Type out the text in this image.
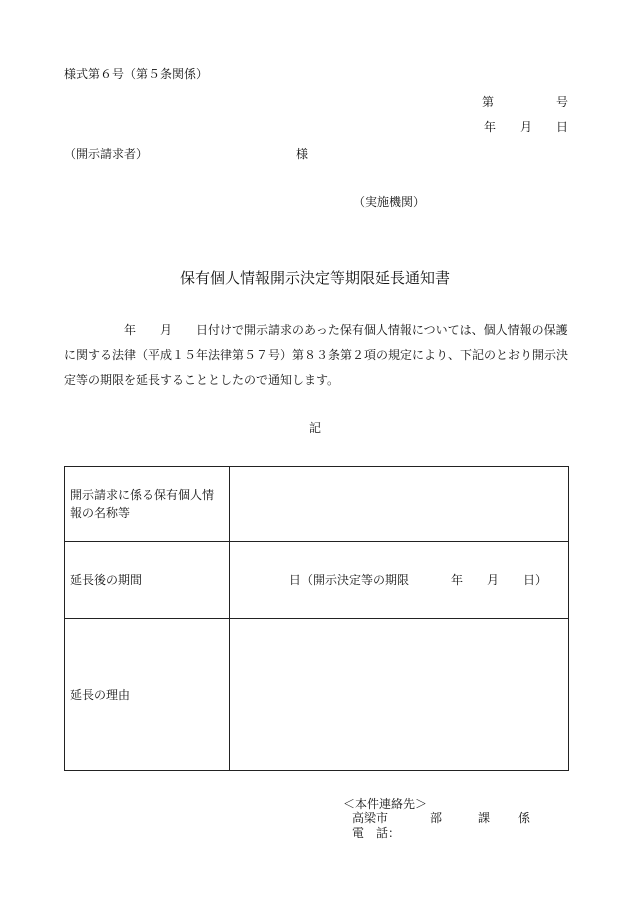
様式第６号（第５条関係）
第	号
年 月 日
（開示請求者）	様
（実施機関）
保有個人情報開示決定等期限延長通知書
　　　　　年　　月　　日付けで開示請求のあった保有個人情報については、個人情報の保護に関する法律（平成１５年法律第５７号）第８３条第２項の規定により、下記のとおり開示決定等の期限を延長することとしたので通知します。
記
開示請求に係る保有個人情報の名称等	
延長後の期間	日 （開示決定等の期限 年 月 日）

延長の理由	
＜本件連絡先＞
高梁市	部	課 係
電　話：
